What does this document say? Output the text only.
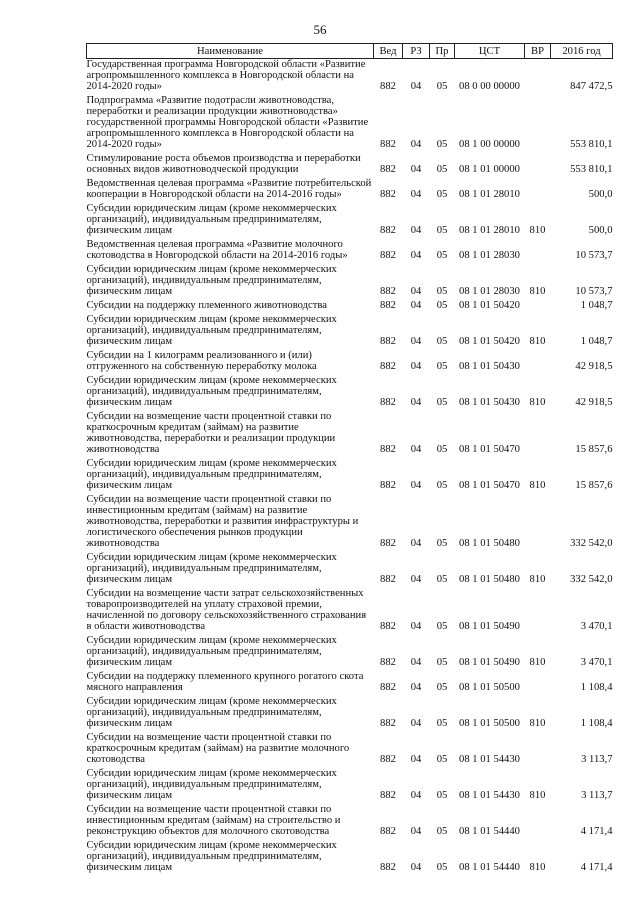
56
Наименование	Вед	РЗ	Пр	ЦСТ	ВР	2016 год
Государственная программа Новгородской области «Развитие агропромышленного комплекса в Новгородской области на 2014-2020 годы»	882	04	05	08 0 00 00000		847 472,5
Подпрограмма «Развитие подотрасли животноводства, переработки и реализации продукции животноводства» государственной программы Новгородской области «Развитие агропромышленного комплекса в Новгородской области на 2014-2020 годы»	882	04	05	08 1 00 00000		553 810,1
Стимулирование роста объемов производства и переработки основных видов животноводческой продукции	882	04	05	08 1 01 00000		553 810,1
Ведомственная целевая программа «Развитие потребительской кооперации в Новгородской области на 2014-2016 годы»	882	04	05	08 1 01 28010		500,0
Субсидии юридическим лицам (кроме некоммерческих организаций), индивидуальным предпринимателям, физическим лицам	882	04	05	08 1 01 28010	810	500,0
Ведомственная целевая программа «Развитие молочного скотоводства в Новгородской области на 2014-2016 годы»	882	04	05	08 1 01 28030		10 573,7
Субсидии юридическим лицам (кроме некоммерческих организаций), индивидуальным предпринимателям, физическим лицам	882	04	05	08 1 01 28030	810	10 573,7
Субсидии на поддержку племенного животноводства	882	04	05	08 1 01 50420		1 048,7
Субсидии юридическим лицам (кроме некоммерческих организаций), индивидуальным предпринимателям, физическим лицам	882	04	05	08 1 01 50420	810	1 048,7
Субсидии на 1 килограмм реализованного и (или) отгруженного на собственную переработку молока	882	04	05	08 1 01 50430		42 918,5
Субсидии юридическим лицам (кроме некоммерческих организаций), индивидуальным предпринимателям, физическим лицам	882	04	05	08 1 01 50430	810	42 918,5
Субсидии на возмещение части процентной ставки по краткосрочным кредитам (займам) на развитие животноводства, переработки и реализации продукции животноводства	882	04	05	08 1 01 50470		15 857,6
Субсидии юридическим лицам (кроме некоммерческих организаций), индивидуальным предпринимателям, физическим лицам	882	04	05	08 1 01 50470	810	15 857,6
Субсидии на возмещение части процентной ставки по инвестиционным кредитам (займам) на развитие животноводства, переработки и развития инфраструктуры и логистического обеспечения рынков продукции животноводства	882	04	05	08 1 01 50480		332 542,0
Субсидии юридическим лицам (кроме некоммерческих организаций), индивидуальным предпринимателям, физическим лицам	882	04	05	08 1 01 50480	810	332 542,0
Субсидии на возмещение части затрат сельскохозяйственных товаропроизводителей на уплату страховой премии, начисленной по договору сельскохозяйственного страхования в области животноводства	882	04	05	08 1 01 50490		3 470,1
Субсидии юридическим лицам (кроме некоммерческих организаций), индивидуальным предпринимателям, физическим лицам	882	04	05	08 1 01 50490	810	3 470,1
Субсидии на поддержку племенного крупного рогатого скота мясного направления	882	04	05	08 1 01 50500		1 108,4
Субсидии юридическим лицам (кроме некоммерческих организаций), индивидуальным предпринимателям, физическим лицам	882	04	05	08 1 01 50500	810	1 108,4
Субсидии на возмещение части процентной ставки по краткосрочным кредитам (займам) на развитие молочного скотоводства	882	04	05	08 1 01 54430		3 113,7
Субсидии юридическим лицам (кроме некоммерческих организаций), индивидуальным предпринимателям, физическим лицам	882	04	05	08 1 01 54430	810	3 113,7
Субсидии на возмещение части процентной ставки по инвестиционным кредитам (займам) на строительство и реконструкцию объектов для молочного скотоводства	882	04	05	08 1 01 54440		4 171,4
Субсидии юридическим лицам (кроме некоммерческих организаций), индивидуальным предпринимателям, физическим лицам	882	04	05	08 1 01 54440	810	4 171,4
